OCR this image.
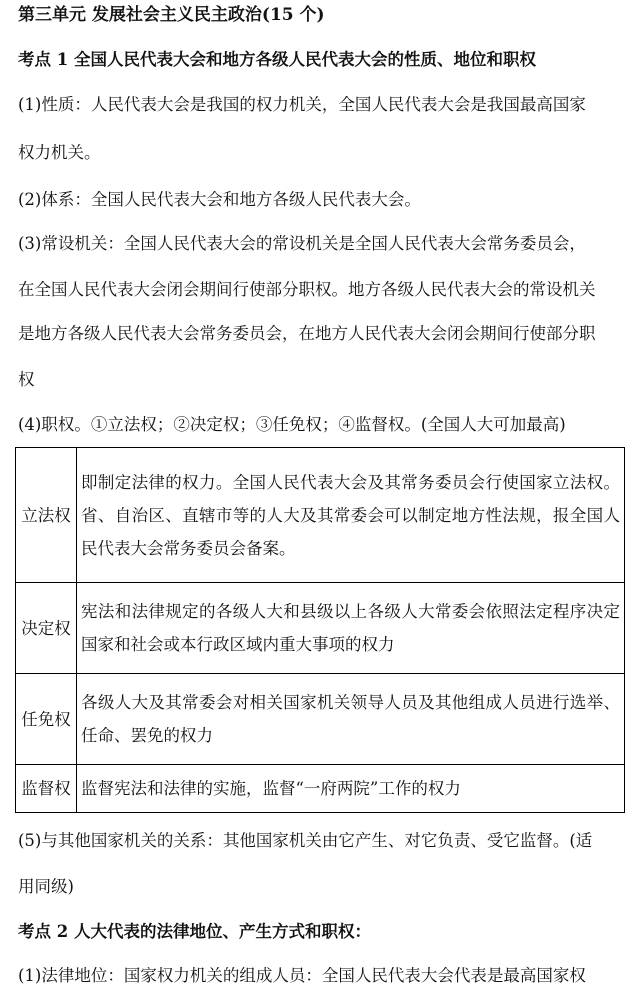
第三单元 发展社会主义民主政治(15 个)
考点 1 全国人民代表大会和地方各级人民代表大会的性质、地位和职权
(1)性质：人民代表大会是我国的权力机关，全国人民代表大会是我国最高国家
权力机关。
(2)体系：全国人民代表大会和地方各级人民代表大会。
(3)常设机关：全国人民代表大会的常设机关是全国人民代表大会常务委员会，
在全国人民代表大会闭会期间行使部分职权。地方各级人民代表大会的常设机关
是地方各级人民代表大会常务委员会，在地方人民代表大会闭会期间行使部分职
权
(4)职权。①立法权；②决定权；③任免权；④监督权。(全国人大可加最高)
立法权	即制定法律的权力。全国人民代表大会及其常务委员会行使国家立法权。省、自治区、直辖市等的人大及其常委会可以制定地方性法规，报全国人民代表大会常务委员会备案。
决定权	宪法和法律规定的各级人大和县级以上各级人大常委会依照法定程序决定国家和社会或本行政区域内重大事项的权力
任免权	各级人大及其常委会对相关国家机关领导人员及其他组成人员进行选举、任命、罢免的权力
监督权	监督宪法和法律的实施，监督“一府两院”工作的权力
(5)与其他国家机关的关系：其他国家机关由它产生、对它负责、受它监督。(适
用同级)
考点 2 人大代表的法律地位、产生方式和职权：
(1)法律地位：国家权力机关的组成人员：全国人民代表大会代表是最高国家权
